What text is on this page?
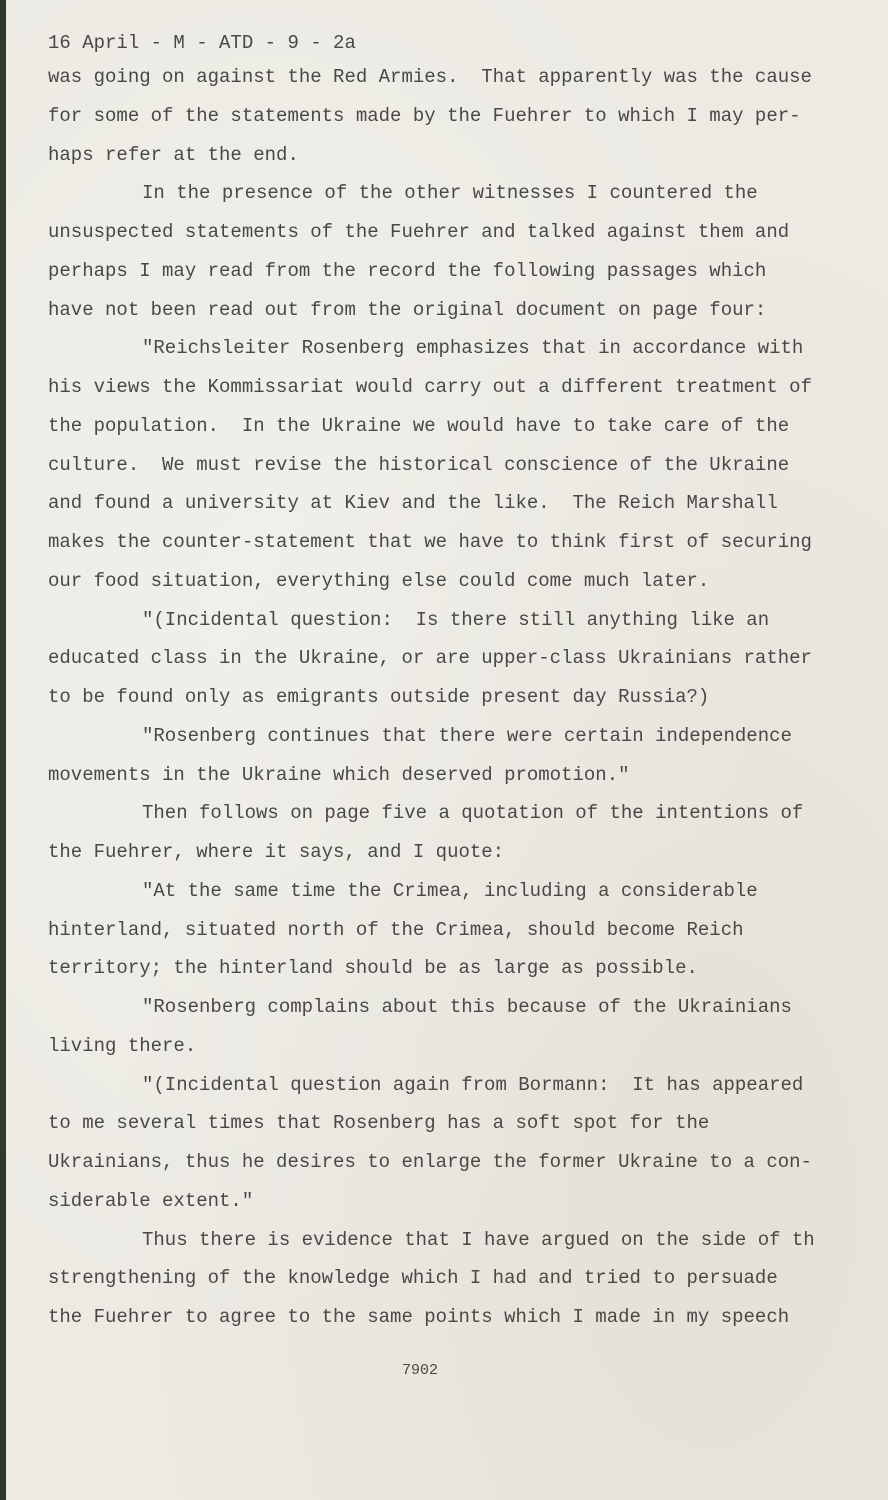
16 April - M - ATD - 9 - 2a
was going on against the Red Armies.  That apparently was the cause
for some of the statements made by the Fuehrer to which I may per-
haps refer at the end.
In the presence of the other witnesses I countered the
unsuspected statements of the Fuehrer and talked against them and
perhaps I may read from the record the following passages which
have not been read out from the original document on page four:
"Reichsleiter Rosenberg emphasizes that in accordance with
his views the Kommissariat would carry out a different treatment of
the population.  In the Ukraine we would have to take care of the
culture.  We must revise the historical conscience of the Ukraine
and found a university at Kiev and the like.  The Reich Marshall
makes the counter-statement that we have to think first of securing
our food situation, everything else could come much later.
"(Incidental question:  Is there still anything like an
educated class in the Ukraine, or are upper-class Ukrainians rather
to be found only as emigrants outside present day Russia?)
"Rosenberg continues that there were certain independence
movements in the Ukraine which deserved promotion."
Then follows on page five a quotation of the intentions of
the Fuehrer, where it says, and I quote:
"At the same time the Crimea, including a considerable
hinterland, situated north of the Crimea, should become Reich
territory; the hinterland should be as large as possible.
"Rosenberg complains about this because of the Ukrainians
living there.
"(Incidental question again from Bormann:  It has appeared
to me several times that Rosenberg has a soft spot for the
Ukrainians, thus he desires to enlarge the former Ukraine to a con-
siderable extent."
Thus there is evidence that I have argued on the side of th
strengthening of the knowledge which I had and tried to persuade
the Fuehrer to agree to the same points which I made in my speech
7902
